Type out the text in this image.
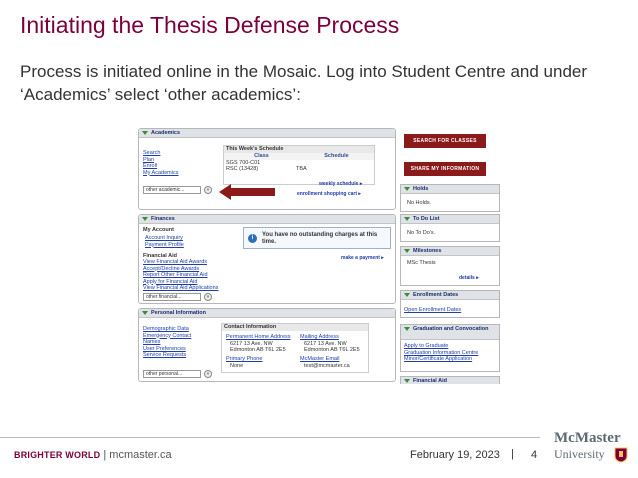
Initiating the Thesis Defense Process
Process is initiated online in the Mosaic. Log into Student Centre and under ‘Academics’ select ‘other academics’:
Academics
Search
Plan
Enroll
My Academics
This Week's Schedule
Class	Schedule
SGS 700-C01
RSC (13428)	TBA
weekly schedule ▸
enrollment shopping cart ▸
other academic...	»
Finances
My Account
Account Inquiry
Payment Profile
i	You have no outstanding charges at this time.
make a payment ▸
Financial Aid
View Financial Aid Awards
Accept/Decline Awards
Report Other Financial Aid
Apply for Financial Aid
View Financial Aid Applications
other financial...	»
Personal Information
Demographic Data
Emergency Contact
Names
User Preferences
Service Requests
Contact Information
Permanent Home Address
6217 13 Ave. NW
Edmonton AB T6L 2E5
Mailing Address
6217 13 Ave. NW
Edmonton AB T6L 2E5
Primary Phone
None
McMaster Email
test@mcmaster.ca
other personal...	»
SEARCH FOR CLASSES
SHARE MY INFORMATION
Holds
No Holds.
To Do List
No To Do's.
Milestones
MSc Thesis
details ▸
Enrollment Dates
Open Enrollment Dates
Graduation and Convocation
Apply to Graduate
Graduation Information Centre
Minor/Certificate Application
Financial Aid
BRIGHTER WORLD | mcmaster.ca	February 19, 2023 | 4
McMaster
University
